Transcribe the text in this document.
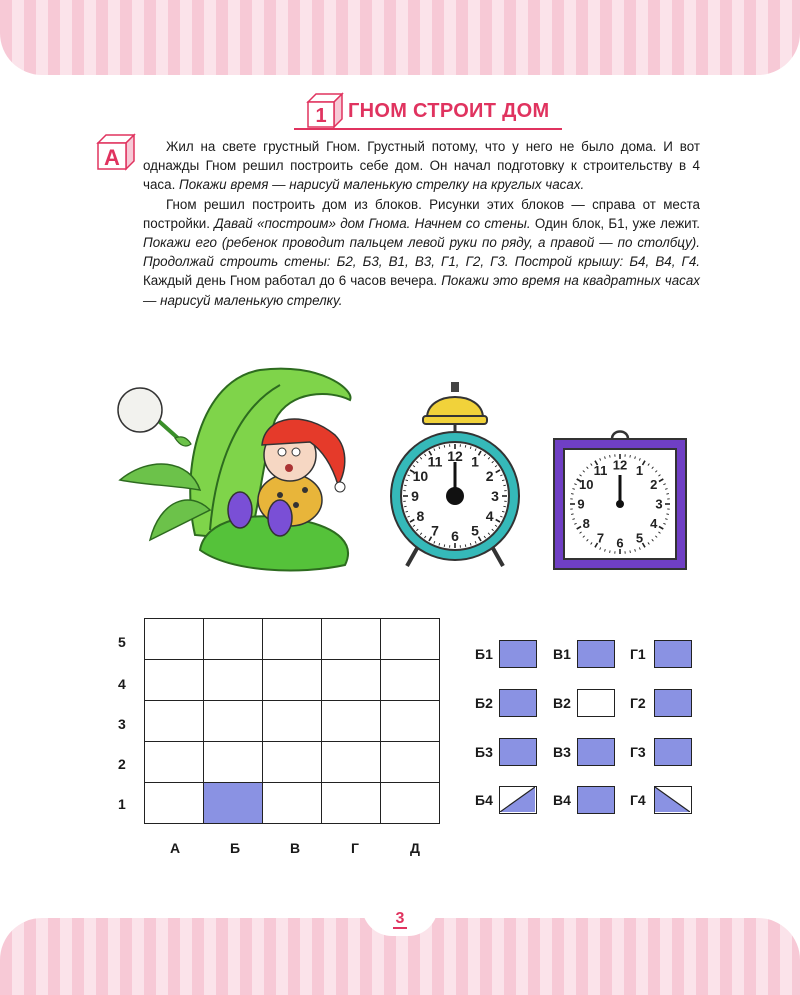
1 ГНОМ СТРОИТ ДОМ
А	Жил на свете грустный Гном. Грустный потому, что у него не было дома. И вот однажды Гном решил построить себе дом. Он начал подготовку к строительству в 4 часа. Покажи время — нарисуй маленькую стрелку на круглых часах.

Гном решил построить дом из блоков. Рисунки этих блоков — справа от места постройки. Давай «построим» дом Гнома. Начнем со стены. Один блок, Б1, уже лежит. Покажи его (ребенок проводит пальцем левой руки по ряду, а правой — по столбцу). Продолжай строить стены: Б2, Б3, В1, В3, Г1, Г2, Г3. Построй крышу: Б4, В4, Г4. Каждый день Гном работал до 6 часов вечера. Покажи это время на квадратных часах — нарисуй маленькую стрелку.

12 1
2
3
4
5
6
7
8
9
10
11	12 1
2
3
4
5
6
7
8
9
10
11
5
4
3
2
1

А	Б	В	Г	Д
Б1	В1	Г1
Б2	В2	Г2
Б3	В3	Г3
Б4	В4	Г4
3
